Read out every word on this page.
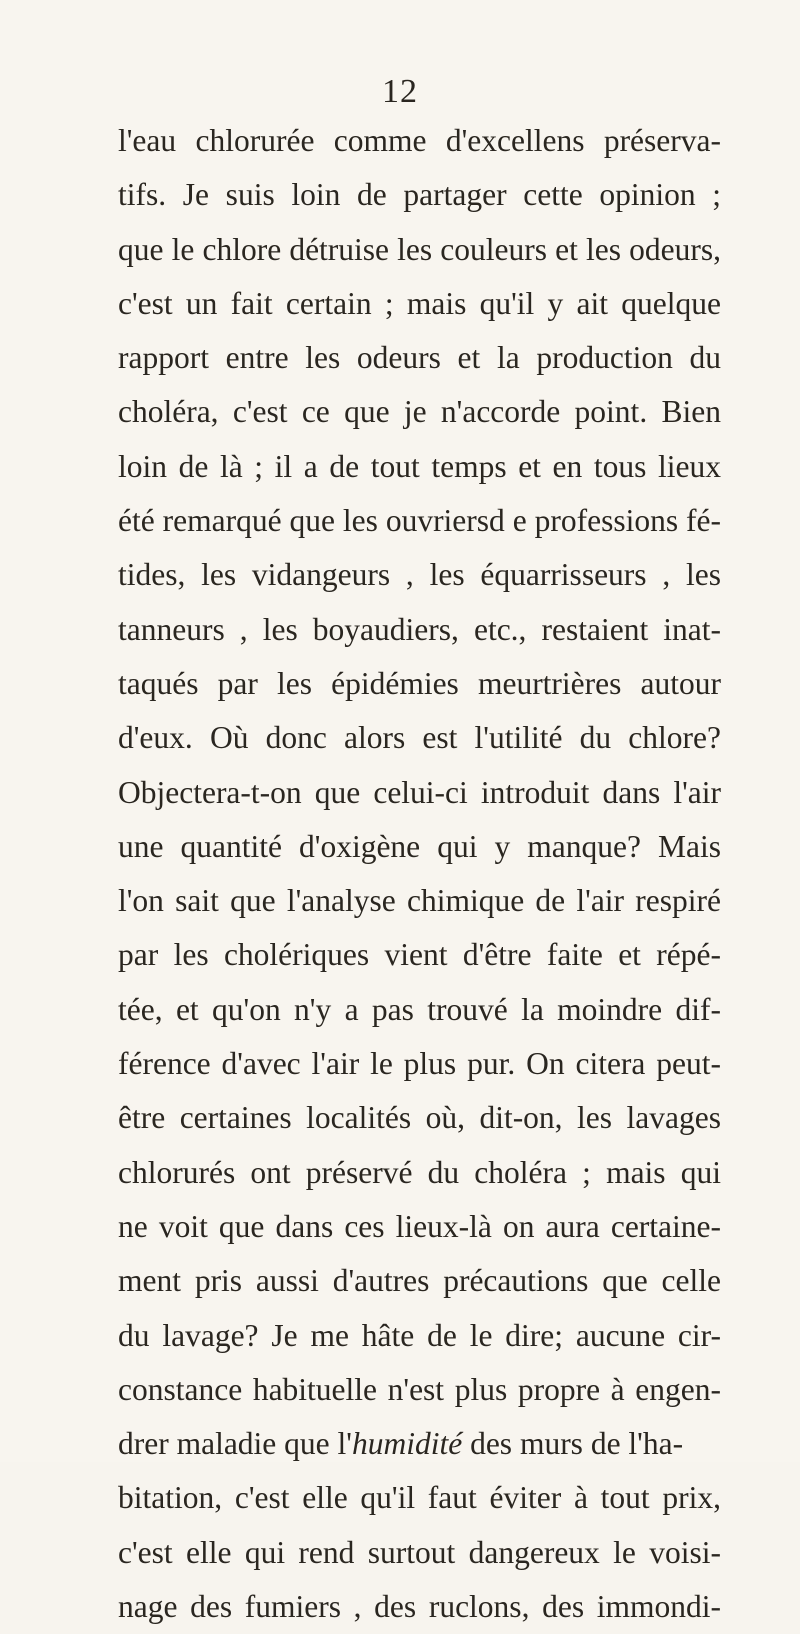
12
l'eau chlorurée comme d'excellens préserva-
tifs. Je suis loin de partager cette opinion ;
que le chlore détruise les couleurs et les odeurs,
c'est un fait certain ; mais qu'il y ait quelque
rapport entre les odeurs et la production du
choléra, c'est ce que je n'accorde point. Bien
loin de là ; il a de tout temps et en tous lieux
été remarqué que les ouvriersd e professions fé-
tides, les vidangeurs , les équarrisseurs , les
tanneurs , les boyaudiers, etc., restaient inat-
taqués par les épidémies meurtrières autour
d'eux. Où donc alors est l'utilité du chlore?
Objectera-t-on que celui-ci introduit dans l'air
une quantité d'oxigène qui y manque? Mais
l'on sait que l'analyse chimique de l'air respiré
par les cholériques vient d'être faite et répé-
tée, et qu'on n'y a pas trouvé la moindre dif-
férence d'avec l'air le plus pur. On citera peut-
être certaines localités où, dit-on, les lavages
chlorurés ont préservé du choléra ; mais qui
ne voit que dans ces lieux-là on aura certaine-
ment pris aussi d'autres précautions que celle
du lavage? Je me hâte de le dire; aucune cir-
constance habituelle n'est plus propre à engen-
drer maladie que l'humidité des murs de l'ha-
bitation, c'est elle qu'il faut éviter à tout prix,
c'est elle qui rend surtout dangereux le voisi-
nage des fumiers , des ruclons, des immondi-
